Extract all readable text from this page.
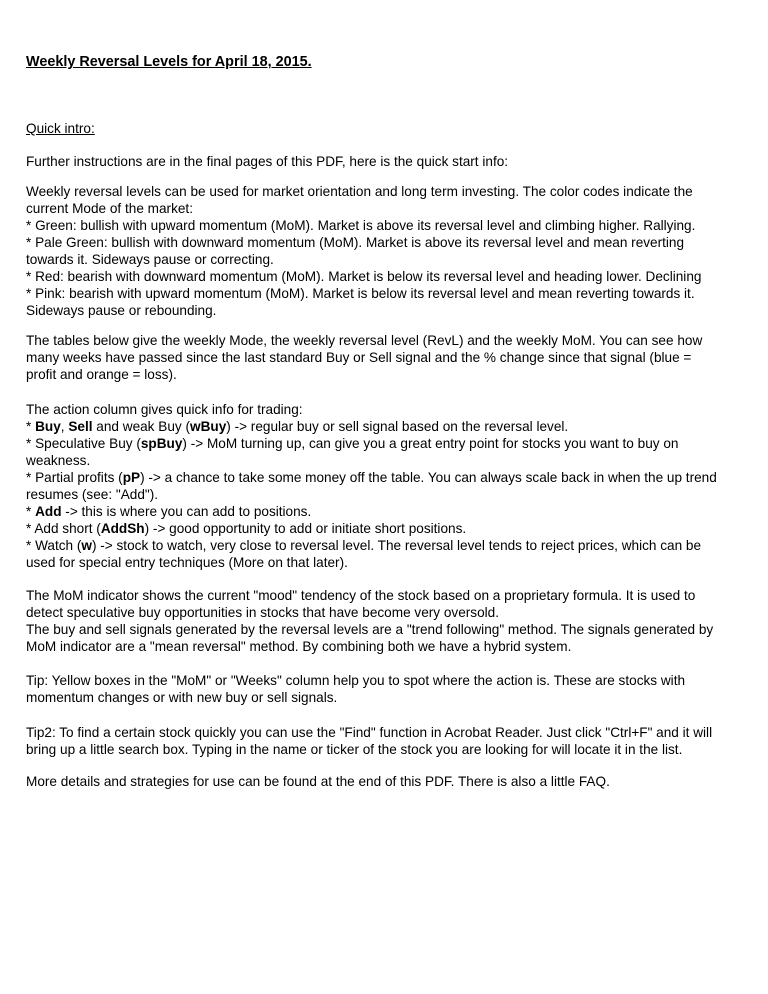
Weekly Reversal Levels for April 18, 2015.
Quick intro:
Further instructions are in the final pages of this PDF, here is the quick start info:
Weekly reversal levels can be used for market orientation and long term investing. The color codes indicate the
current Mode of the market:
* Green: bullish with upward momentum (MoM). Market is above its reversal level and climbing higher. Rallying.
* Pale Green: bullish with downward momentum (MoM). Market is above its reversal level and mean reverting
towards it. Sideways pause or correcting.
* Red: bearish with downward momentum (MoM). Market is below its reversal level and heading lower. Declining
* Pink: bearish with upward momentum (MoM). Market is below its reversal level and mean reverting towards it.
Sideways pause or rebounding.
The tables below give the weekly Mode, the weekly reversal level (RevL) and the weekly MoM. You can see how
many weeks have passed since the last standard Buy or Sell signal and the % change since that signal (blue =
profit and orange = loss).
The action column gives quick info for trading:
* Buy, Sell and weak Buy (wBuy) -> regular buy or sell signal based on the reversal level.
* Speculative Buy (spBuy) -> MoM turning up, can give you a great entry point for stocks you want to buy on
weakness.
* Partial profits (pP) -> a chance to take some money off the table. You can always scale back in when the up trend
resumes (see: "Add").
* Add -> this is where you can add to positions.
* Add short (AddSh) -> good opportunity to add or initiate short positions.
* Watch (w) -> stock to watch, very close to reversal level. The reversal level tends to reject prices, which can be
used for special entry techniques (More on that later).
The MoM indicator shows the current "mood" tendency of the stock based on a proprietary formula. It is used to
detect speculative buy opportunities in stocks that have become very oversold.
The buy and sell signals generated by the reversal levels are a "trend following" method. The signals generated by
MoM indicator are a "mean reversal" method. By combining both we have a hybrid system.
Tip: Yellow boxes in the "MoM" or "Weeks" column help you to spot where the action is. These are stocks with
momentum changes or with new buy or sell signals.
Tip2: To find a certain stock quickly you can use the "Find" function in Acrobat Reader. Just click "Ctrl+F" and it will
bring up a little search box. Typing in the name or ticker of the stock you are looking for will locate it in the list.
More details and strategies for use can be found at the end of this PDF. There is also a little FAQ.
